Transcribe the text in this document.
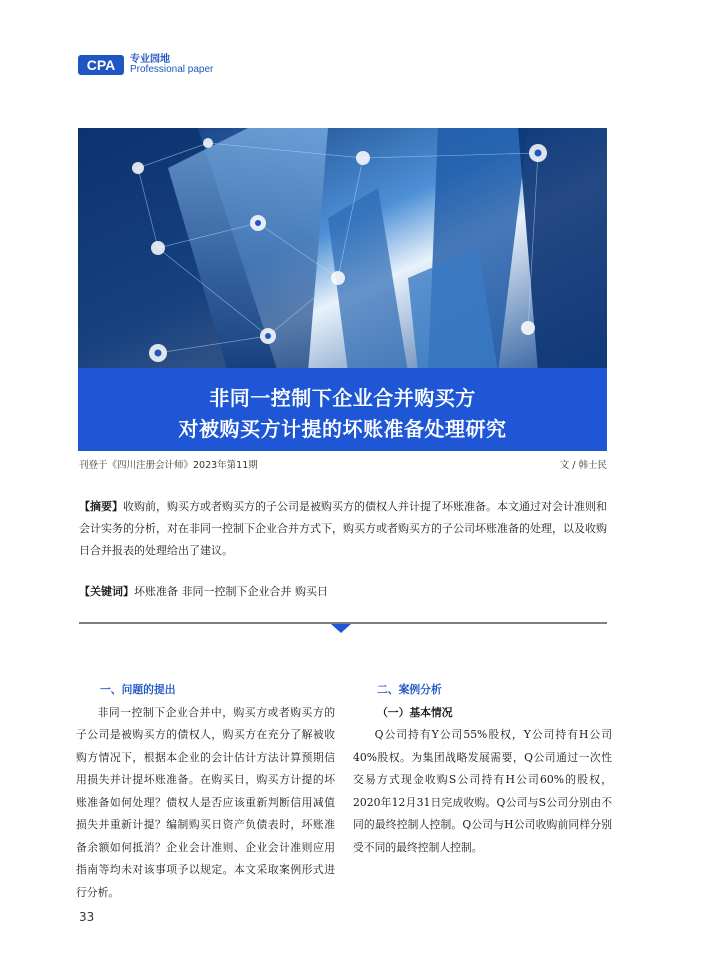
CPA 专业园地
Professional paper
非同一控制下企业合并购买方
对被购买方计提的坏账准备处理研究
刊登于《四川注册会计师》2023年第11期	文 / 韩士民
【摘要】收购前，购买方或者购买方的子公司是被购买方的债权人并计提了坏账准备。本文通过对会计准则和会计实务的分析，对在非同一控制下企业合并方式下，购买方或者购买方的子公司坏账准备的处理，以及收购日合并报表的处理给出了建议。
【关键词】坏账准备 非同一控制下企业合并 购买日
一、问题的提出

非同一控制下企业合并中，购买方或者购买方的子公司是被购买方的债权人，购买方在充分了解被收购方情况下，根据本企业的会计估计方法计算预期信用损失并计提坏账准备。在购买日，购买方计提的坏账准备如何处理？债权人是否应该重新判断信用减值损失并重新计提？编制购买日资产负债表时，坏账准备余额如何抵消？企业会计准则、企业会计准则应用指南等均未对该事项予以规定。本文采取案例形式进行分析。

二、案例分析
（一）基本情况

Q公司持有Y公司55%股权，Y公司持有H公司40%股权。为集团战略发展需要，Q公司通过一次性交易方式现金收购S公司持有H公司60%的股权，2020年12月31日完成收购。Q公司与S公司分别由不同的最终控制人控制。Q公司与H公司收购前同样分别受不同的最终控制人控制。

33
